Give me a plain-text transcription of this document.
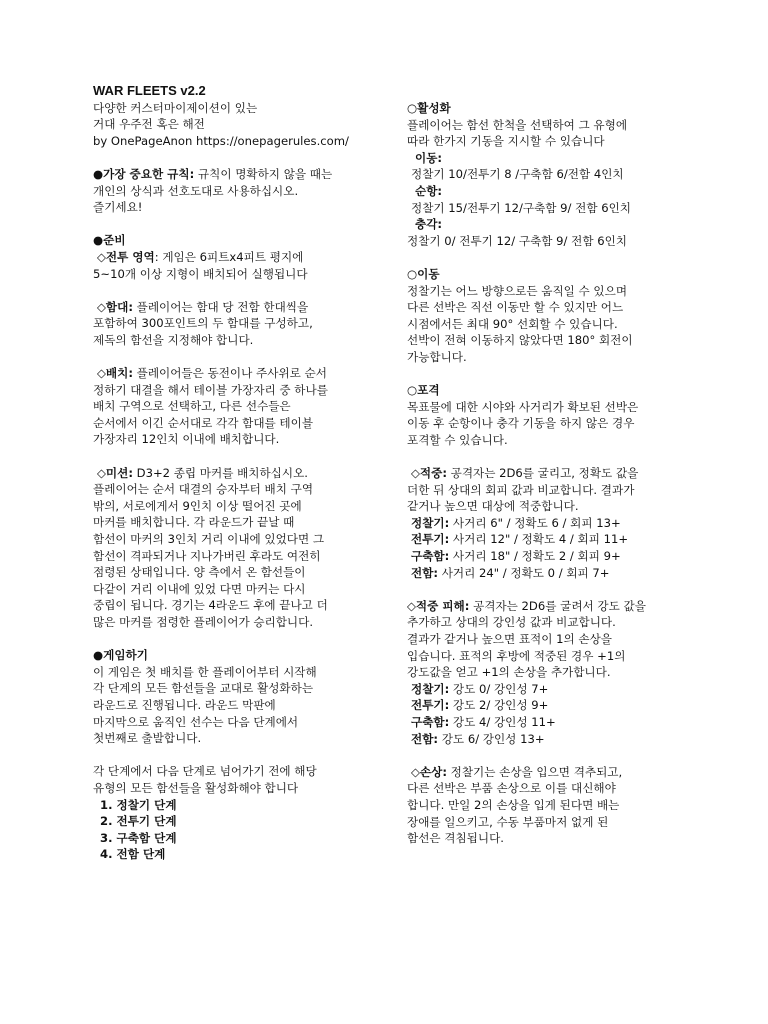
WAR FLEETS v2.2
다양한 커스터마이제이션이 있는
거대 우주전 혹은 해전
by OnePageAnon https://onepagerules.com/
●가장 중요한 규칙: 규칙이 명확하지 않을 때는
개인의 상식과 선호도대로 사용하십시오.
즐기세요!
●준비
◇전투 영역: 게임은 6피트x4피트 평지에
5~10개 이상 지형이 배치되어 실행됩니다
◇함대: 플레이어는 함대 당 전함 한대씩을
포함하여 300포인트의 두 함대를 구성하고,
제독의 함선을 지정해야 합니다.
◇배치: 플레이어들은 동전이나 주사위로 순서
정하기 대결을 해서 테이블 가장자리 중 하나를
배치 구역으로 선택하고, 다른 선수들은
순서에서 이긴 순서대로 각각 함대를 테이블
가장자리 12인치 이내에 배치합니다.
◇미션: D3+2 종립 마커를 배치하십시오.
플레이어는 순서 대결의 승자부터 배치 구역
밖의, 서로에게서 9인치 이상 떨어진 곳에
마커를 배치합니다. 각 라운드가 끝날 때
함선이 마커의 3인치 거리 이내에 있었다면 그
함선이 격파되거나 지나가버린 후라도 여전히
점령된 상태입니다. 양 측에서 온 함선들이
다같이 거리 이내에 있었 다면 마커는 다시
중립이 됩니다. 경기는 4라운드 후에 끝나고 더
많은 마커를 점령한 플레이어가 승리합니다.
●게임하기
이 게임은 첫 배치를 한 플레이어부터 시작해
각 단계의 모든 함선들을 교대로 활성화하는
라운드로 진행됩니다. 라운드 막판에
마지막으로 움직인 선수는 다음 단계에서
첫번째로 출발합니다.
각 단계에서 다음 단계로 넘어가기 전에 해당
유형의 모든 함선들을 활성화해야 합니다
1. 정찰기 단계
2. 전투기 단계
3. 구축함 단계
4. 전함 단계
○활성화
플레이어는 함선 한척을 선택하여 그 유형에
따라 한가지 기동을 지시할 수 있습니다
이동:
정찰기 10/전투기 8 /구축함 6/전함 4인치
순항:
정찰기 15/전투기 12/구축함 9/ 전함 6인치
충각:
정찰기 0/ 전투기 12/ 구축함 9/ 전함 6인치
○이동
정찰기는 어느 방향으로든 움직일 수 있으며
다른 선박은 직선 이동만 할 수 있지만 어느
시점에서든 최대 90° 선회할 수 있습니다.
선박이 전혀 이동하지 않았다면 180° 회전이
가능합니다.
○포격
목표물에 대한 시야와 사거리가 확보된 선박은
이동 후 순항이나 충각 기동을 하지 않은 경우
포격할 수 있습니다.
◇적중: 공격자는 2D6를 굴리고, 정확도 값을
더한 뒤 상대의 회피 값과 비교합니다. 결과가
같거나 높으면 대상에 적중합니다.
정찰기: 사거리 6" / 정확도 6 / 회피 13+
전투기: 사거리 12" / 정확도 4 / 회피 11+
구축함: 사거리 18" / 정확도 2 / 회피 9+
전함: 사거리 24" / 정확도 0 / 회피 7+
◇적중 피해: 공격자는 2D6를 굴려서 강도 값을
추가하고 상대의 강인성 값과 비교합니다.
결과가 같거나 높으면 표적이 1의 손상을
입습니다. 표적의 후방에 적중된 경우 +1의
강도값을 얻고 +1의 손상을 추가합니다.
정찰기: 강도 0/ 강인성 7+
전투기: 강도 2/ 강인성 9+
구축함: 강도 4/ 강인성 11+
전함: 강도 6/ 강인성 13+
◇손상: 정찰기는 손상을 입으면 격추되고,
다른 선박은 부품 손상으로 이를 대신해야
합니다. 만일 2의 손상을 입게 된다면 배는
장애를 일으키고, 수동 부품마저 없게 된
함선은 격침됩니다.
